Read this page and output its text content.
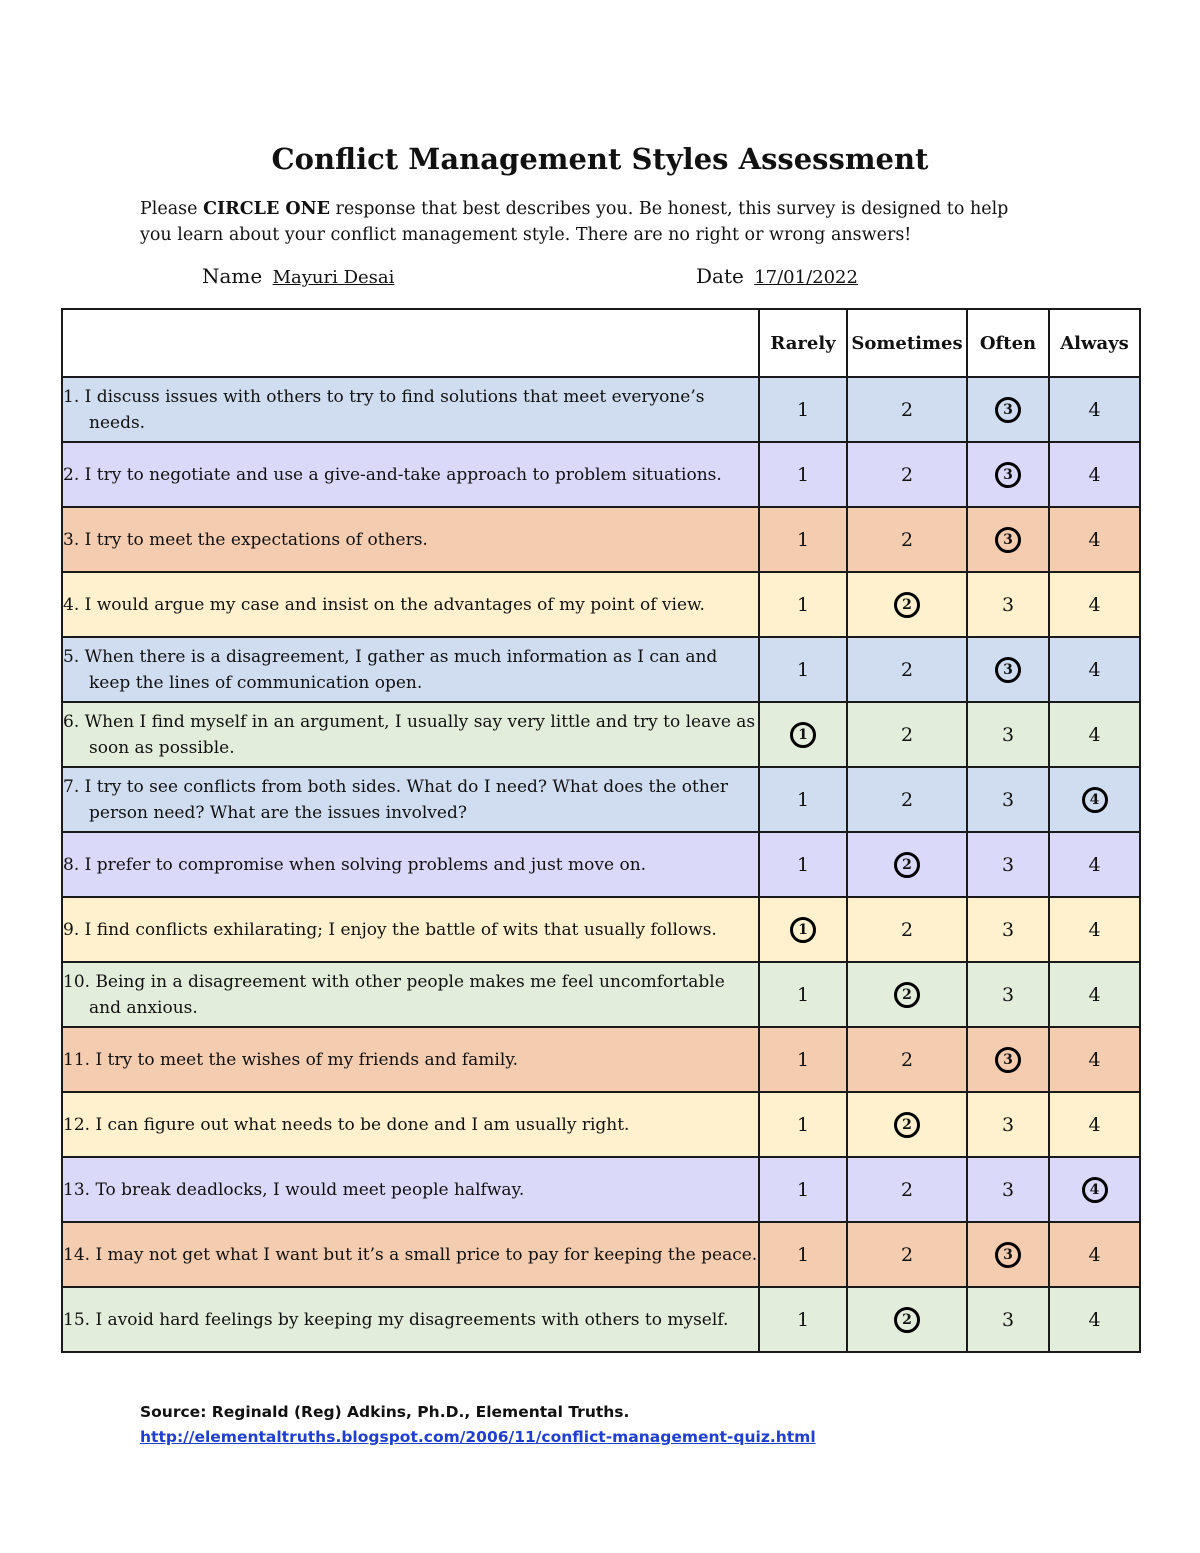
Conflict Management Styles Assessment

Please CIRCLE ONE response that best describes you. Be honest, this survey is designed to help you learn about your conflict management style. There are no right or wrong answers!

Name Mayuri Desai	Date 17/01/2022
	Rarely	Sometimes	Often	Always

1. I discuss issues with others to try to find solutions that meet everyone’s needs.	1	2	3	4

2. I try to negotiate and use a give-and-take approach to problem situations.	1	2	3	4

3. I try to meet the expectations of others.	1	2	3	4

4. I would argue my case and insist on the advantages of my point of view.	1	2	3	4

5. When there is a disagreement, I gather as much information as I can and keep the lines of communication open.	1	2	3	4

6. When I find myself in an argument, I usually say very little and try to leave as soon as possible.	1	2	3	4

7. I try to see conflicts from both sides. What do I need? What does the other person need? What are the issues involved?	1	2	3	4

8. I prefer to compromise when solving problems and just move on.	1	2	3	4

9. I find conflicts exhilarating; I enjoy the battle of wits that usually follows.	1	2	3	4

10. Being in a disagreement with other people makes me feel uncomfortable and anxious.	1	2	3	4

11. I try to meet the wishes of my friends and family.	1	2	3	4

12. I can figure out what needs to be done and I am usually right.	1	2	3	4

13. To break deadlocks, I would meet people halfway.	1	2	3	4

14. I may not get what I want but it’s a small price to pay for keeping the peace.	1	2	3	4

15. I avoid hard feelings by keeping my disagreements with others to myself.	1	2	3	4
Source: Reginald (Reg) Adkins, Ph.D., Elemental Truths. http://elementaltruths.blogspot.com/2006/11/conflict-management-quiz.html
